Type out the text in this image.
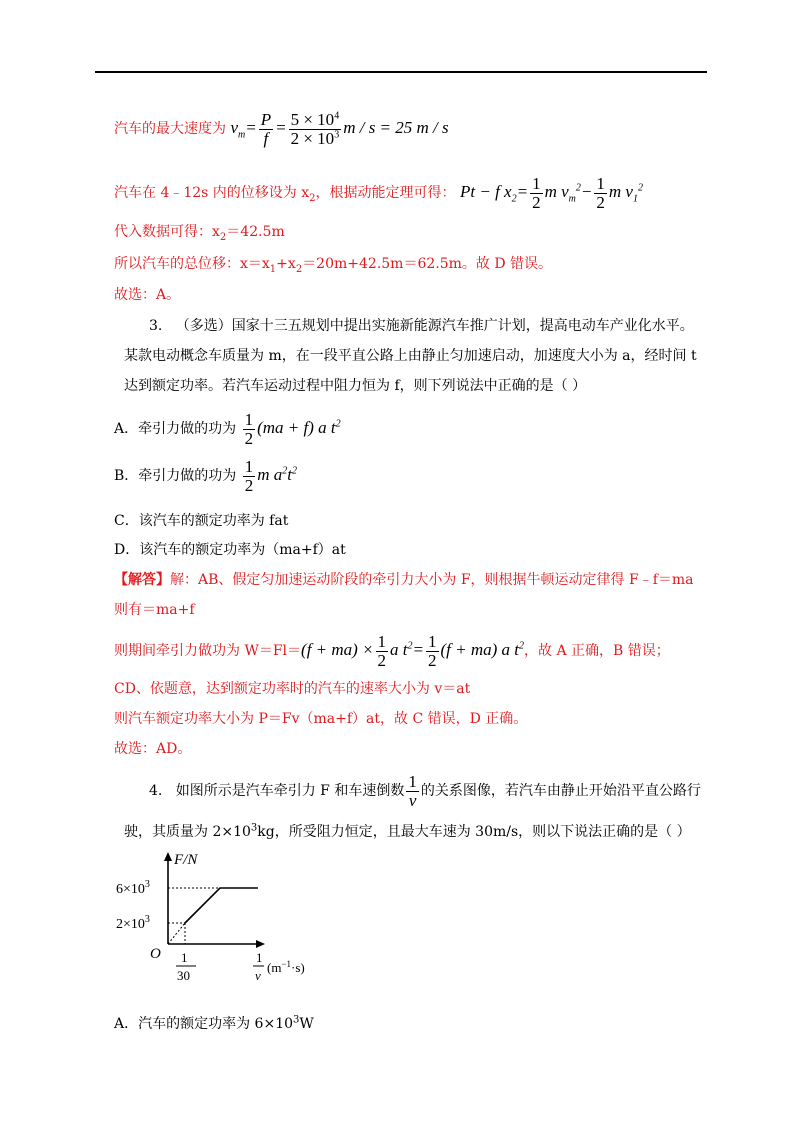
汽车的最大速度为 $v_m= \frac{P}{f} = \frac{5 \times 10^4}{2 \times 10^3}$ m / s = 25 m / s
汽车在 4﹣12s 内的位移设为 $x_2$，根据动能定理可得： Pt − f $x_2= \frac{1}{2}$ m $v_m^2- \frac{1}{2}$ m $v_1^2$
代入数据可得：$x_2=42.5m$
所以汽车的总位移：$x=x_1+x_2=20m+42.5m=62.5m$。故 D 错误。
故选：A。
3. （多选）国家十三五规划中提出实施新能源汽车推广计划，提高电动车产业化水平。
某款电动概念车质量为 m，在一段平直公路上由静止匀加速启动，加速度大小为 a，经时间 t
达到额定功率。若汽车运动过程中阻力恒为 f，则下列说法中正确的是（ ）
A．牵引力做的功为 $\frac{1}{2} (ma + f)$ a $t^2$
B．牵引力做的功为 $\frac{1}{2}$ m $a^2t^2$
C．该汽车的额定功率为 fat
D．该汽车的额定功率为（ma+f）at
【解答】解：AB、假定匀加速运动阶段的牵引力大小为 F，则根据牛顿运动定律得 F﹣f＝ma
则有＝ma+f
则期间牵引力做功为 $W=Fl=(f + ma) \times \frac{1}{2}$ a $t^2= \frac{1}{2} (f + ma)$ a $t^2$，故 A 正确，B 错误；
CD、依题意，达到额定功率时的汽车的速率大小为 v＝at
则汽车额定功率大小为 P＝Fv（ma+f）at，故 C 错误，D 正确。
故选：AD。
4. 如图所示是汽车牵引力 F 和车速倒数 $\frac{1}{v}$ 的关系图像，若汽车由静止开始沿平直公路行
驶，其质量为 $2\times 10^3kg$，所受阻力恒定，且最大车速为 30m/s，则以下说法正确的是（ ）
F/N
$6\times 10^3$
$2\times 10^3$
O 1
30
1
v
$(m^{-1}\cdot s)$
A．汽车的额定功率为 $6\times 10^3W$
